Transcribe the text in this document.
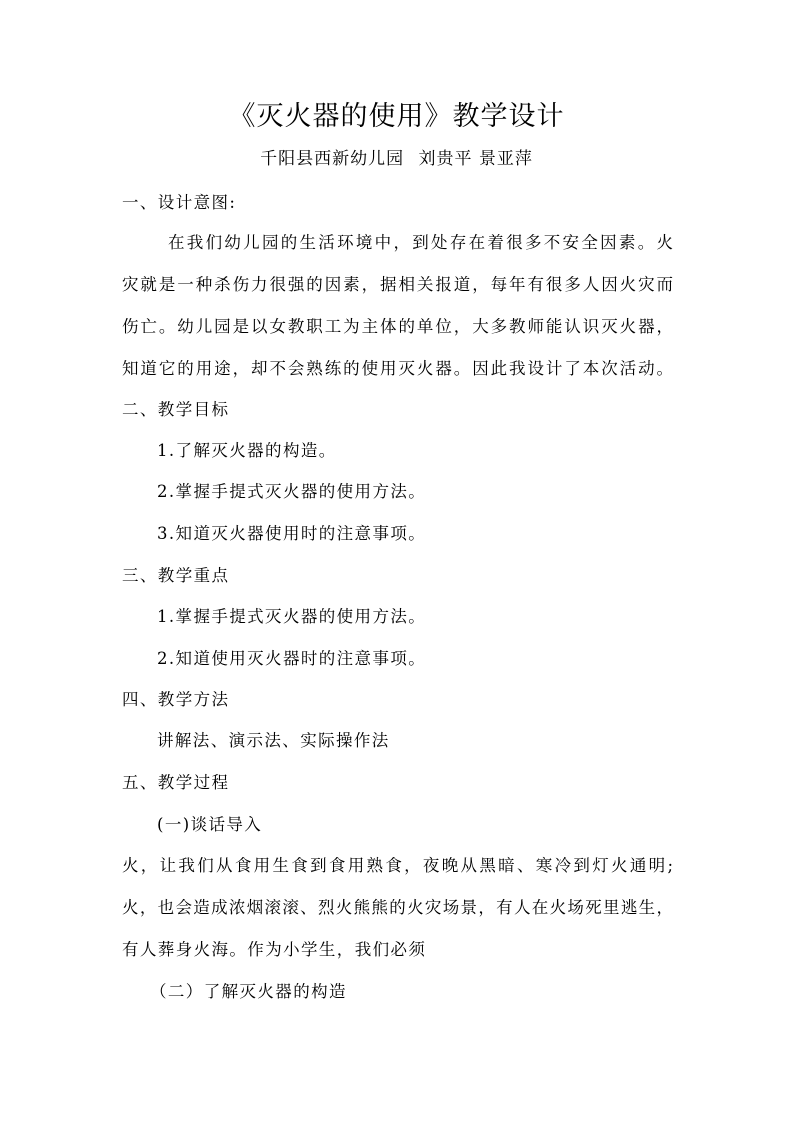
《灭火器的使用》教学设计
千阳县西新幼儿园 刘贵平 景亚萍
一、设计意图:
在我们幼儿园的生活环境中，到处存在着很多不安全因素。火
灾就是一种杀伤力很强的因素，据相关报道，每年有很多人因火灾而
伤亡。幼儿园是以女教职工为主体的单位，大多教师能认识灭火器，
知道它的用途，却不会熟练的使用灭火器。因此我设计了本次活动。
二、教学目标
1.了解灭火器的构造。
2.掌握手提式灭火器的使用方法。
3.知道灭火器使用时的注意事项。
三、教学重点
1.掌握手提式灭火器的使用方法。
2.知道使用灭火器时的注意事项。
四、教学方法
讲解法、演示法、实际操作法
五、教学过程
(一)谈话导入
火，让我们从食用生食到食用熟食，夜晚从黑暗、寒冷到灯火通明;
火，也会造成浓烟滚滚、烈火熊熊的火灾场景，有人在火场死里逃生，
有人葬身火海。作为小学生，我们必须
（二）了解灭火器的构造
